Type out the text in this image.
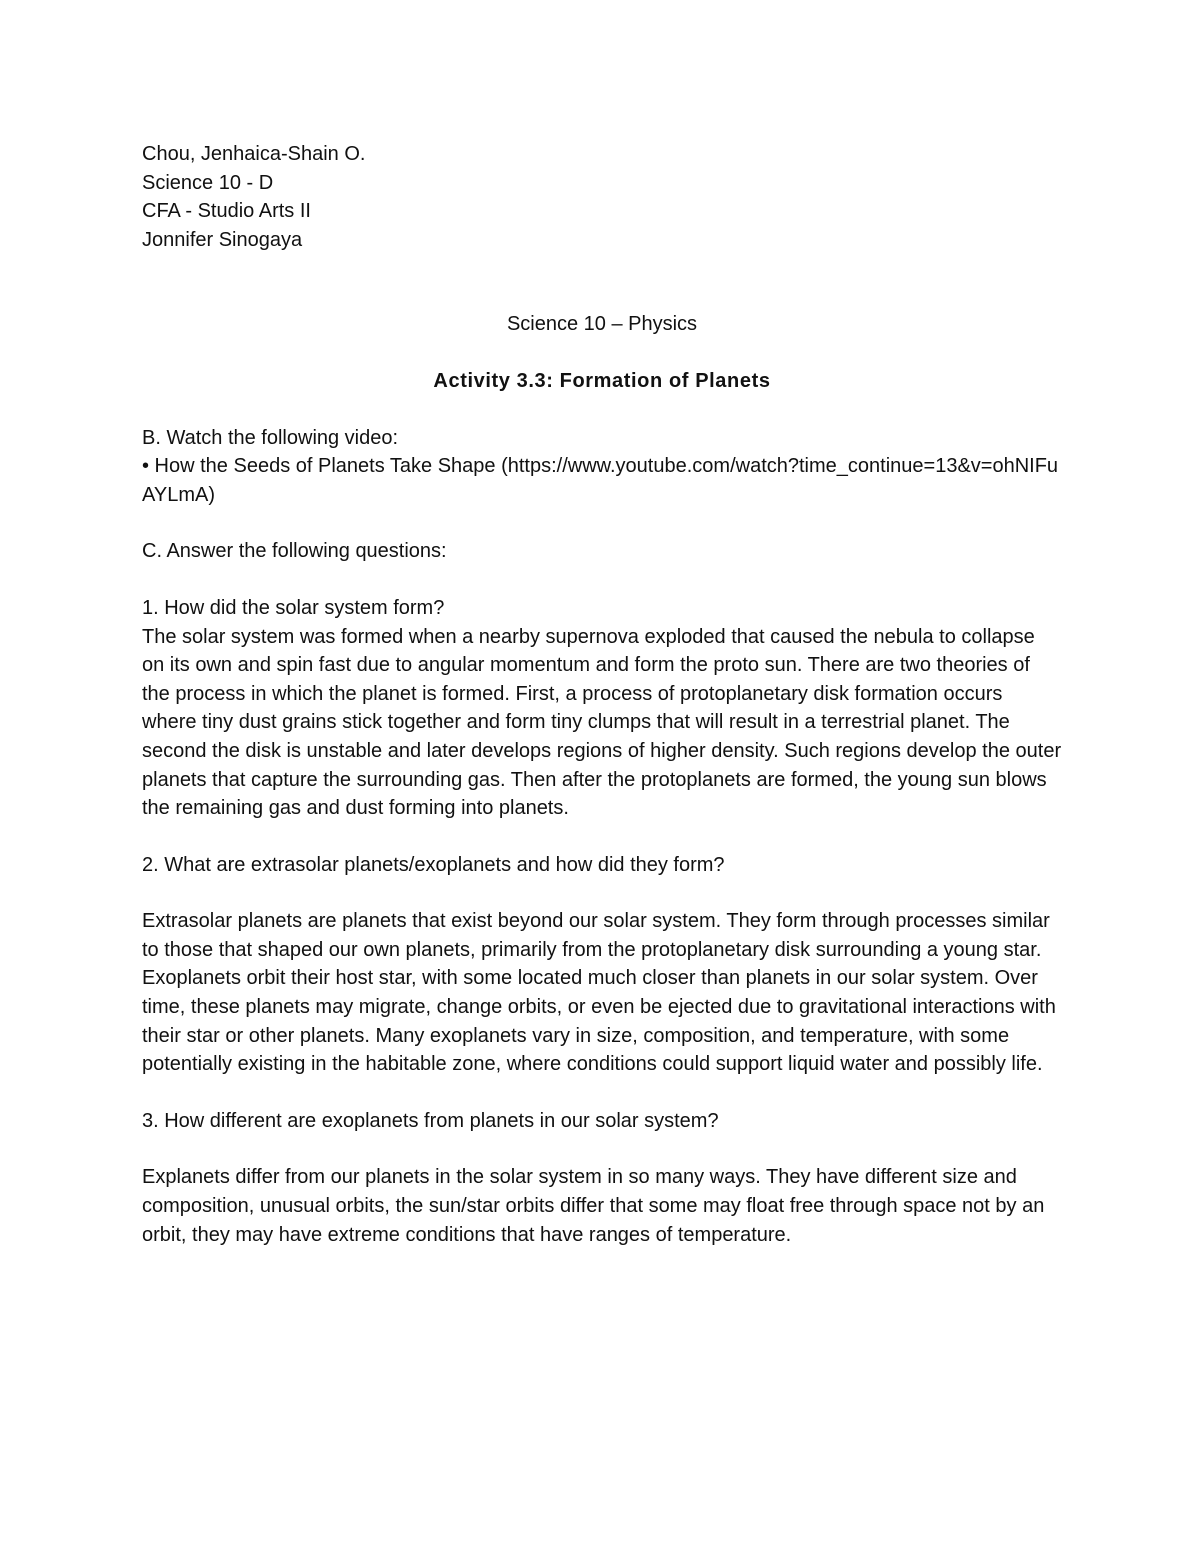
Chou, Jenhaica-Shain O.

Science 10 - D

CFA - Studio Arts II

Jonnifer Sinogaya

Science 10 – Physics

Activity 3.3: Formation of Planets

B. Watch the following video:

• How the Seeds of Planets Take Shape (https://www.youtube.com/watch?time_continue=13&v=ohNIFuAYLmA)

C. Answer the following questions:

1. How did the solar system form?

The solar system was formed when a nearby supernova exploded that caused the nebula to collapse on its own and spin fast due to angular momentum and form the proto sun. There are two theories of the process in which the planet is formed. First, a process of protoplanetary disk formation occurs where tiny dust grains stick together and form tiny clumps that will result in a terrestrial planet. The second the disk is unstable and later develops regions of higher density. Such regions develop the outer planets that capture the surrounding gas. Then after the protoplanets are formed, the young sun blows the remaining gas and dust forming into planets.

2. What are extrasolar planets/exoplanets and how did they form?

Extrasolar planets are planets that exist beyond our solar system. They form through processes similar to those that shaped our own planets, primarily from the protoplanetary disk surrounding a young star. Exoplanets orbit their host star, with some located much closer than planets in our solar system. Over time, these planets may migrate, change orbits, or even be ejected due to gravitational interactions with their star or other planets. Many exoplanets vary in size, composition, and temperature, with some potentially existing in the habitable zone, where conditions could support liquid water and possibly life.

3. How different are exoplanets from planets in our solar system?

Explanets differ from our planets in the solar system in so many ways. They have different size and composition, unusual orbits, the sun/star orbits differ that some may float free through space not by an orbit, they may have extreme conditions that have ranges of temperature.
